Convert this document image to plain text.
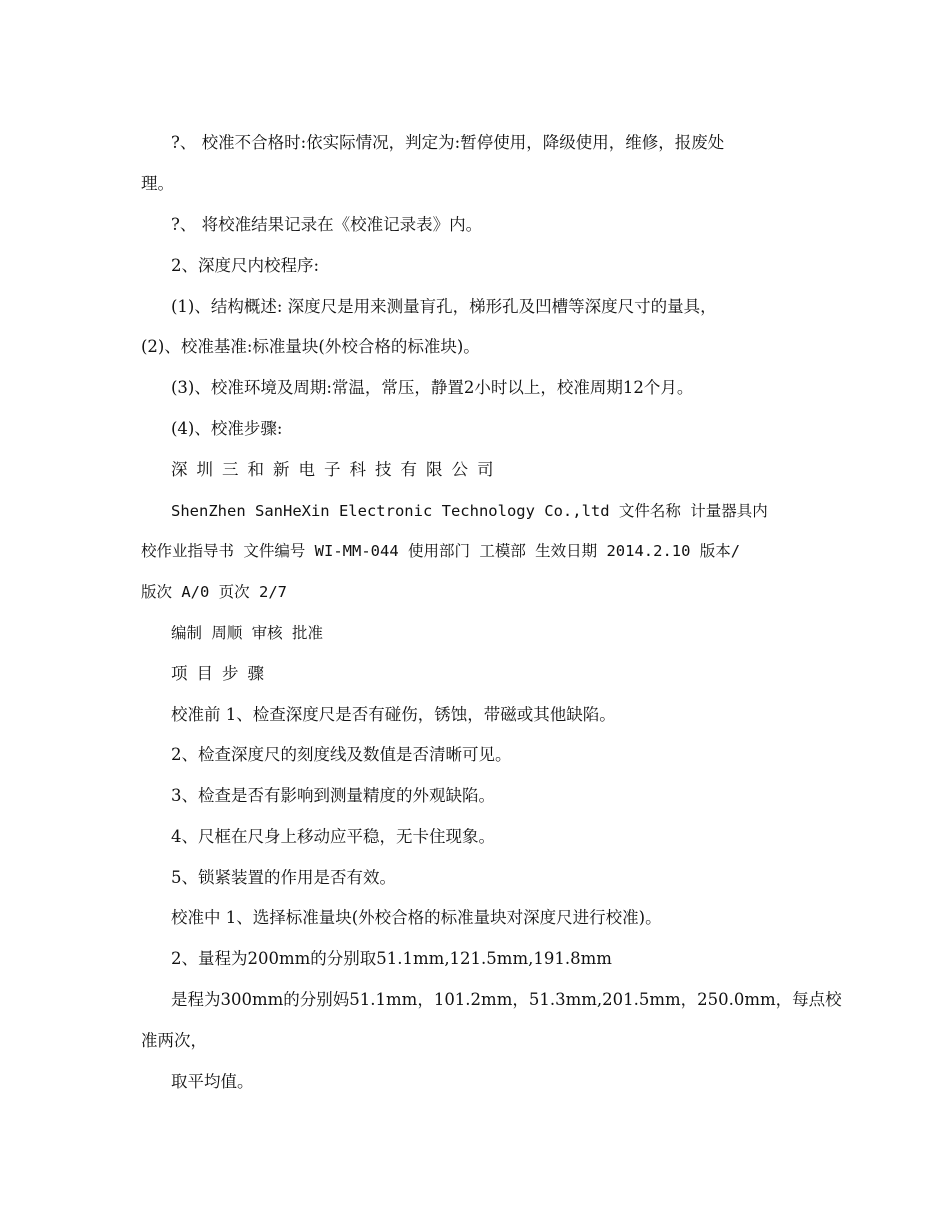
?、 校准不合格时:依实际情况，判定为:暂停使用，降级使用，维修，报废处
理。
?、 将校准结果记录在《校准记录表》内。
2、深度尺内校程序:
(1)、结构概述: 深度尺是用来测量肓孔，梯形孔及凹槽等深度尺寸的量具，
(2)、校准基准:标准量块(外校合格的标准块)。
(3)、校准环境及周期:常温，常压，静置2小时以上，校准周期12个月。
(4)、校准步骤:
深圳三和新电子科技有限公司
ShenZhen SanHeXin Electronic Technology Co.,ltd 文件名称 计量器具内
校作业指导书 文件编号 WI-MM-044 使用部门 工模部 生效日期 2014.2.10 版本/
版次 A/0 页次 2/7
编制 周顺 审核 批准
项目步骤
校准前 1、检查深度尺是否有碰伤，锈蚀，带磁或其他缺陷。
2、检查深度尺的刻度线及数值是否清晰可见。
3、检查是否有影响到测量精度的外观缺陷。
4、尺框在尺身上移动应平稳，无卡住现象。
5、锁紧装置的作用是否有效。
校准中 1、选择标准量块(外校合格的标准量块对深度尺进行校准)。
2、量程为200mm的分别取51.1mm,121.5mm,191.8mm
是程为300mm的分别妈51.1mm，101.2mm，51.3mm,201.5mm，250.0mm，每点校
准两次，
取平均值。
